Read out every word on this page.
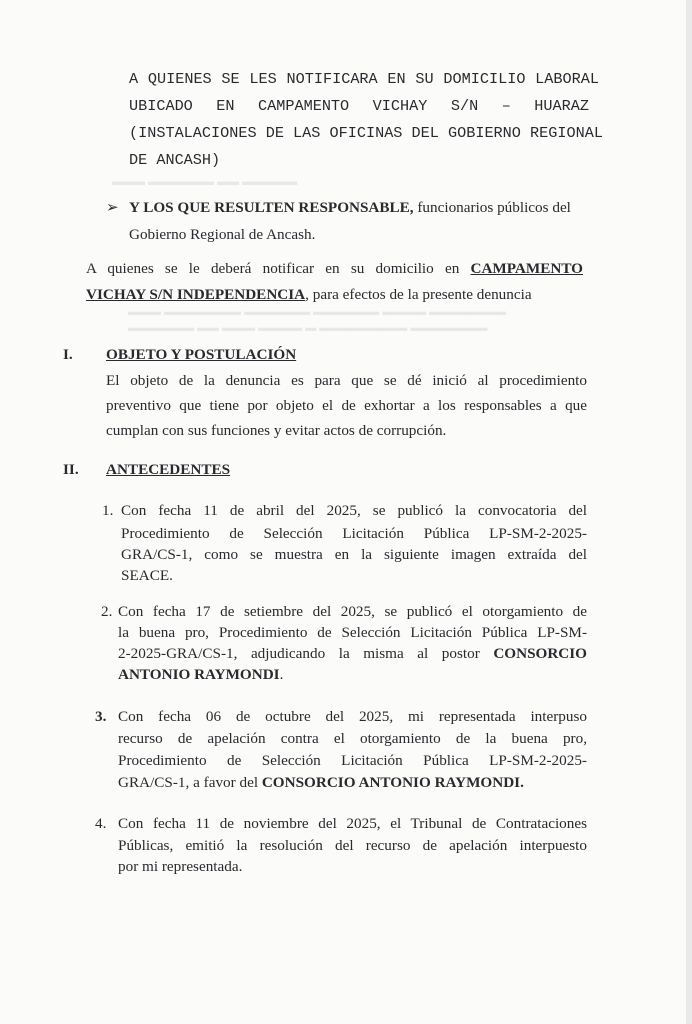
▬▬▬ ▬▬▬▬▬▬ ▬▬ ▬▬▬▬▬
▬▬▬ ▬▬▬▬▬▬▬ ▬▬▬▬▬▬ ▬▬▬▬▬▬ ▬▬▬▬ ▬▬▬▬▬▬▬
▬▬▬▬▬▬ ▬▬ ▬▬▬ ▬▬▬▬ ▬ ▬▬▬▬▬▬▬▬ ▬▬▬▬▬▬▬
A QUIENES SE LES NOTIFICARA EN SU DOMICILIO LABORAL
UBICADO EN CAMPAMENTO VICHAY S/N – HUARAZ
(INSTALACIONES DE LAS OFICINAS DEL GOBIERNO REGIONAL
DE ANCASH)
➢ Y LOS QUE RESULTEN RESPONSABLE, funcionarios públicos del
Gobierno Regional de Ancash.
A quienes se le deberá notificar en su domicilio en CAMPAMENTO
VICHAY S/N INDEPENDENCIA, para efectos de la presente denuncia
I. OBJETO Y POSTULACIÓN
El objeto de la denuncia es para que se dé inició al procedimiento
preventivo que tiene por objeto el de exhortar a los responsables a que
cumplan con sus funciones y evitar actos de corrupción.
II. ANTECEDENTES
1. Con fecha 11 de abril del 2025, se publicó la convocatoria del
Procedimiento de Selección Licitación Pública LP-SM-2-2025-
GRA/CS-1, como se muestra en la siguiente imagen extraída del
SEACE.
2. Con fecha 17 de setiembre del 2025, se publicó el otorgamiento de
la buena pro, Procedimiento de Selección Licitación Pública LP-SM-
2-2025-GRA/CS-1, adjudicando la misma al postor CONSORCIO
ANTONIO RAYMONDI.
3. Con fecha 06 de octubre del 2025, mi representada interpuso
recurso de apelación contra el otorgamiento de la buena pro,
Procedimiento de Selección Licitación Pública LP-SM-2-2025-
GRA/CS-1, a favor del CONSORCIO ANTONIO RAYMONDI.
4. Con fecha 11 de noviembre del 2025, el Tribunal de Contrataciones
Públicas, emitió la resolución del recurso de apelación interpuesto
por mi representada.
